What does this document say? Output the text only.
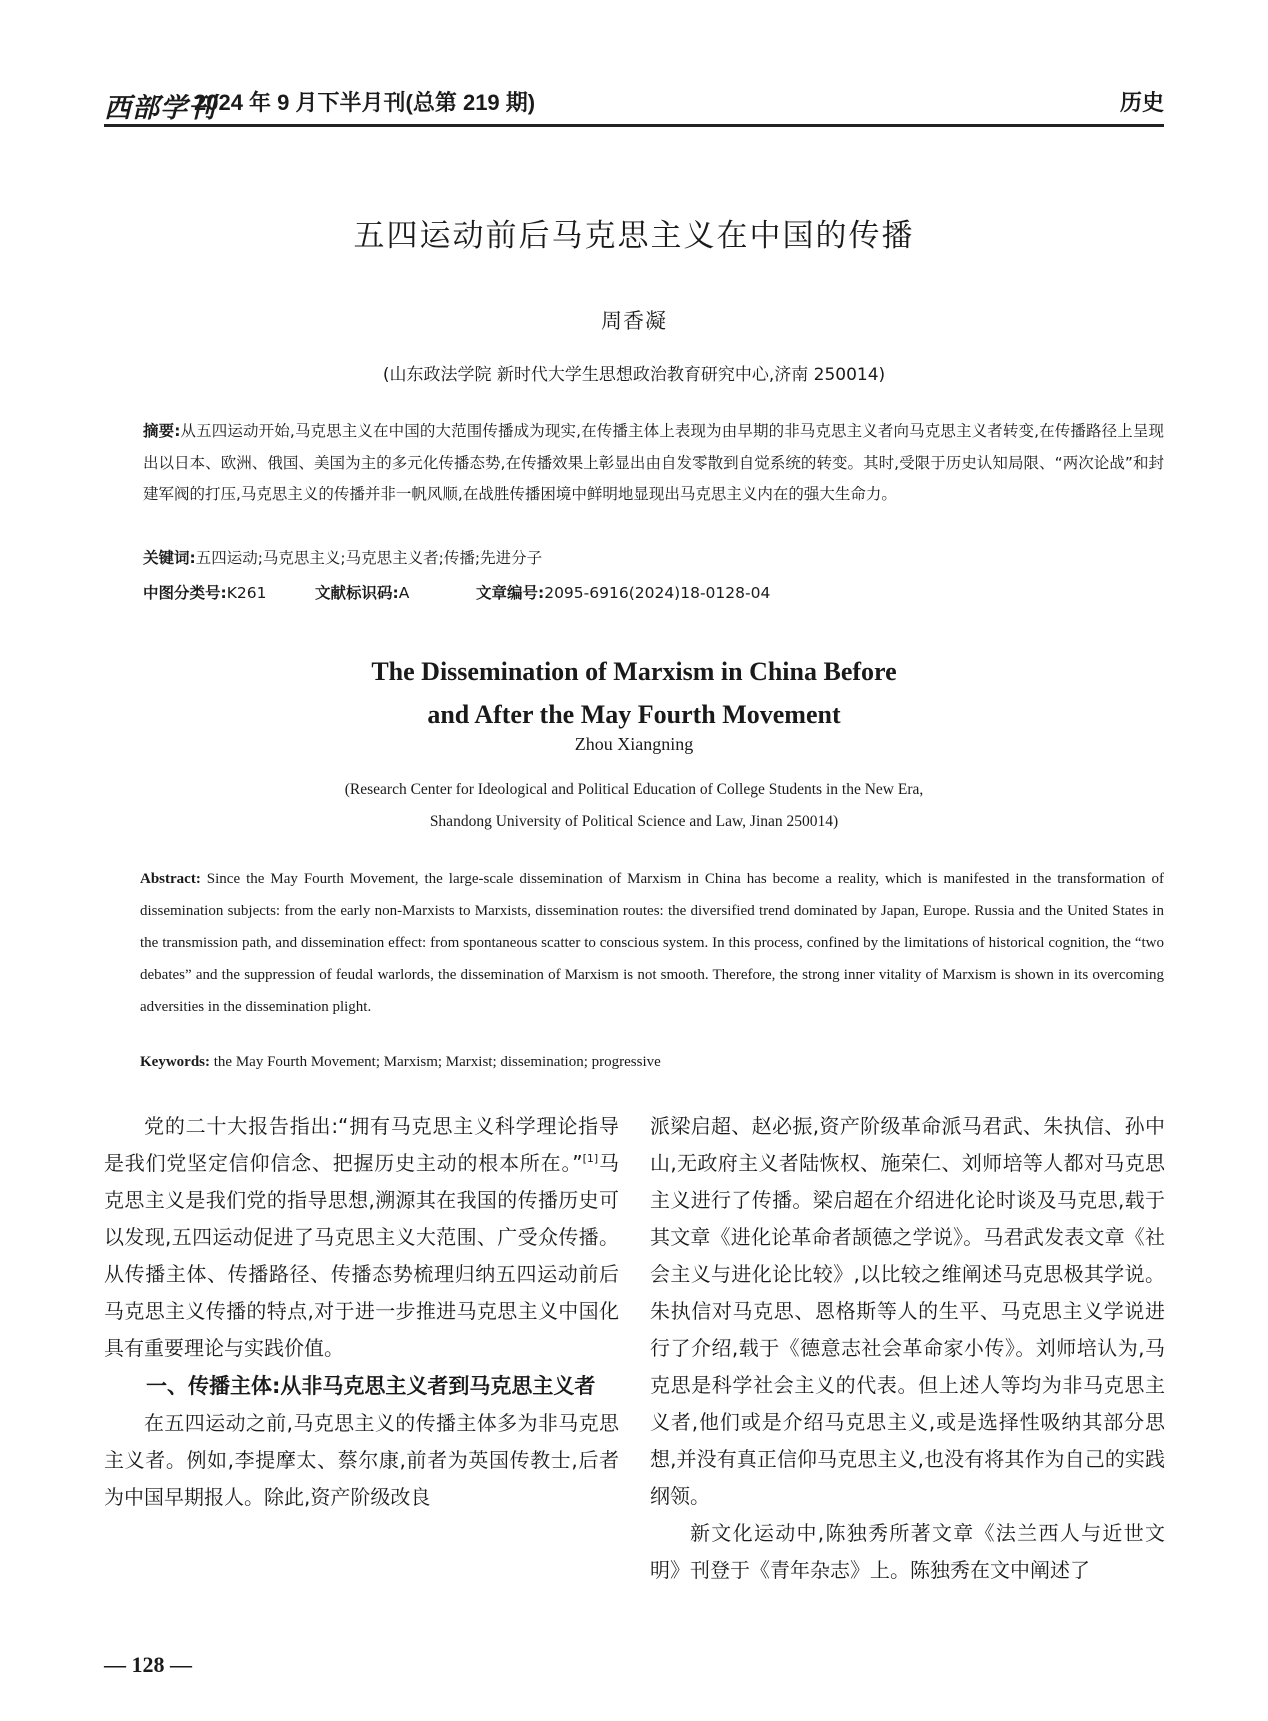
西部学刊
2024 年 9 月下半月刊(总第 219 期)	历史
五四运动前后马克思主义在中国的传播
周香凝
(山东政法学院 新时代大学生思想政治教育研究中心,济南 250014)
摘要:从五四运动开始,马克思主义在中国的大范围传播成为现实,在传播主体上表现为由早期的非马克思主义者向马克思主义者转变,在传播路径上呈现出以日本、欧洲、俄国、美国为主的多元化传播态势,在传播效果上彰显出由自发零散到自觉系统的转变。其时,受限于历史认知局限、“两次论战”和封建军阀的打压,马克思主义的传播并非一帆风顺,在战胜传播困境中鲜明地显现出马克思主义内在的强大生命力。
关键词:五四运动;马克思主义;马克思主义者;传播;先进分子
中图分类号:K261	文献标识码:A	文章编号:2095-6916(2024)18-0128-04
The Dissemination of Marxism in China Before
and After the May Fourth Movement
Zhou Xiangning
(Research Center for Ideological and Political Education of College Students in the New Era,
Shandong University of Political Science and Law, Jinan 250014)
Abstract: Since the May Fourth Movement, the large-scale dissemination of Marxism in China has become a reality, which is manifested in the transformation of dissemination subjects: from the early non-Marxists to Marxists, dissemination routes: the diversified trend dominated by Japan, Europe. Russia and the United States in the transmission path, and dissemination effect: from spontaneous scatter to conscious system. In this process, confined by the limitations of historical cognition, the “two debates” and the suppression of feudal warlords, the dissemination of Marxism is not smooth. Therefore, the strong inner vitality of Marxism is shown in its overcoming adversities in the dissemination plight.
Keywords: the May Fourth Movement; Marxism; Marxist; dissemination; progressive

党的二十大报告指出:“拥有马克思主义科学理论指导是我们党坚定信仰信念、把握历史主动的根本所在。”[1]马克思主义是我们党的指导思想,溯源其在我国的传播历史可以发现,五四运动促进了马克思主义大范围、广受众传播。从传播主体、传播路径、传播态势梳理归纳五四运动前后马克思主义传播的特点,对于进一步推进马克思主义中国化具有重要理论与实践价值。

一、传播主体:从非马克思主义者到马克思主义者

在五四运动之前,马克思主义的传播主体多为非马克思主义者。例如,李提摩太、蔡尔康,前者为英国传教士,后者为中国早期报人。除此,资产阶级改良

派梁启超、赵必振,资产阶级革命派马君武、朱执信、孙中山,无政府主义者陆恢权、施荣仁、刘师培等人都对马克思主义进行了传播。梁启超在介绍进化论时谈及马克思,载于其文章《进化论革命者颉德之学说》。马君武发表文章《社会主义与进化论比较》,以比较之维阐述马克思极其学说。朱执信对马克思、恩格斯等人的生平、马克思主义学说进行了介绍,载于《德意志社会革命家小传》。刘师培认为,马克思是科学社会主义的代表。但上述人等均为非马克思主义者,他们或是介绍马克思主义,或是选择性吸纳其部分思想,并没有真正信仰马克思主义,也没有将其作为自己的实践纲领。

新文化运动中,陈独秀所著文章《法兰西人与近世文明》刊登于《青年杂志》上。陈独秀在文中阐述了

— 128 —
